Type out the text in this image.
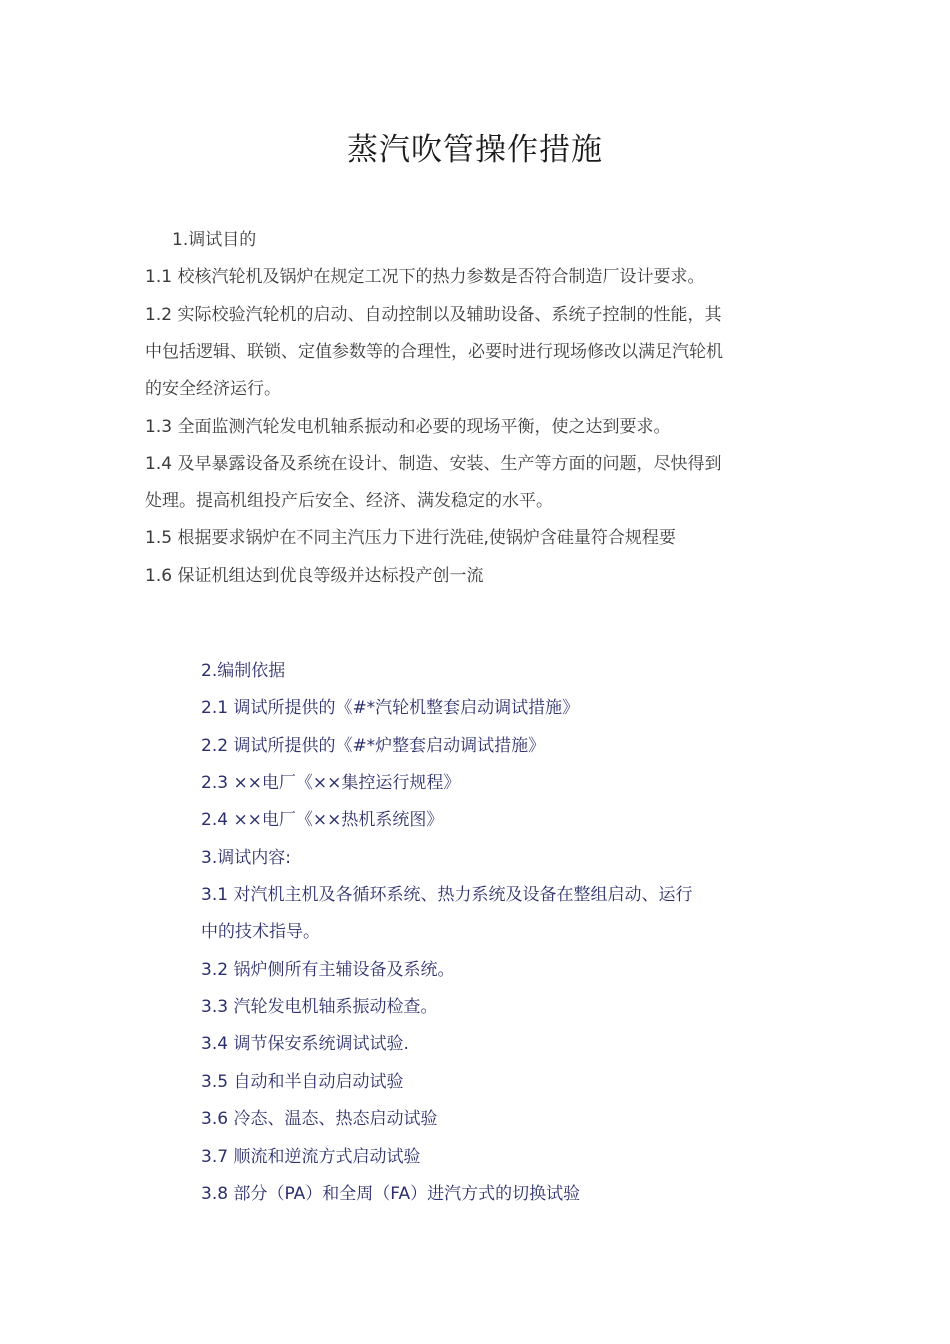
蒸汽吹管操作措施
1.调试目的
1.1 校核汽轮机及锅炉在规定工况下的热力参数是否符合制造厂设计要求。
1.2 实际校验汽轮机的启动、自动控制以及辅助设备、系统子控制的性能，其
中包括逻辑、联锁、定值参数等的合理性，必要时进行现场修改以满足汽轮机
的安全经济运行。
1.3 全面监测汽轮发电机轴系振动和必要的现场平衡，使之达到要求。
1.4 及早暴露设备及系统在设计、制造、安装、生产等方面的问题，尽快得到
处理。提高机组投产后安全、经济、满发稳定的水平。
1.5 根据要求锅炉在不同主汽压力下进行洗硅,使锅炉含硅量符合规程要
1.6 保证机组达到优良等级并达标投产创一流
2.编制依据
2.1 调试所提供的《#*汽轮机整套启动调试措施》
2.2 调试所提供的《#*炉整套启动调试措施》
2.3 ××电厂《××集控运行规程》
2.4 ××电厂《××热机系统图》
3.调试内容:
3.1 对汽机主机及各循环系统、热力系统及设备在整组启动、运行
中的技术指导。
3.2 锅炉侧所有主辅设备及系统。
3.3 汽轮发电机轴系振动检查。
3.4 调节保安系统调试试验.
3.5 自动和半自动启动试验
3.6 冷态、温态、热态启动试验
3.7 顺流和逆流方式启动试验
3.8 部分（PA）和全周（FA）进汽方式的切换试验
